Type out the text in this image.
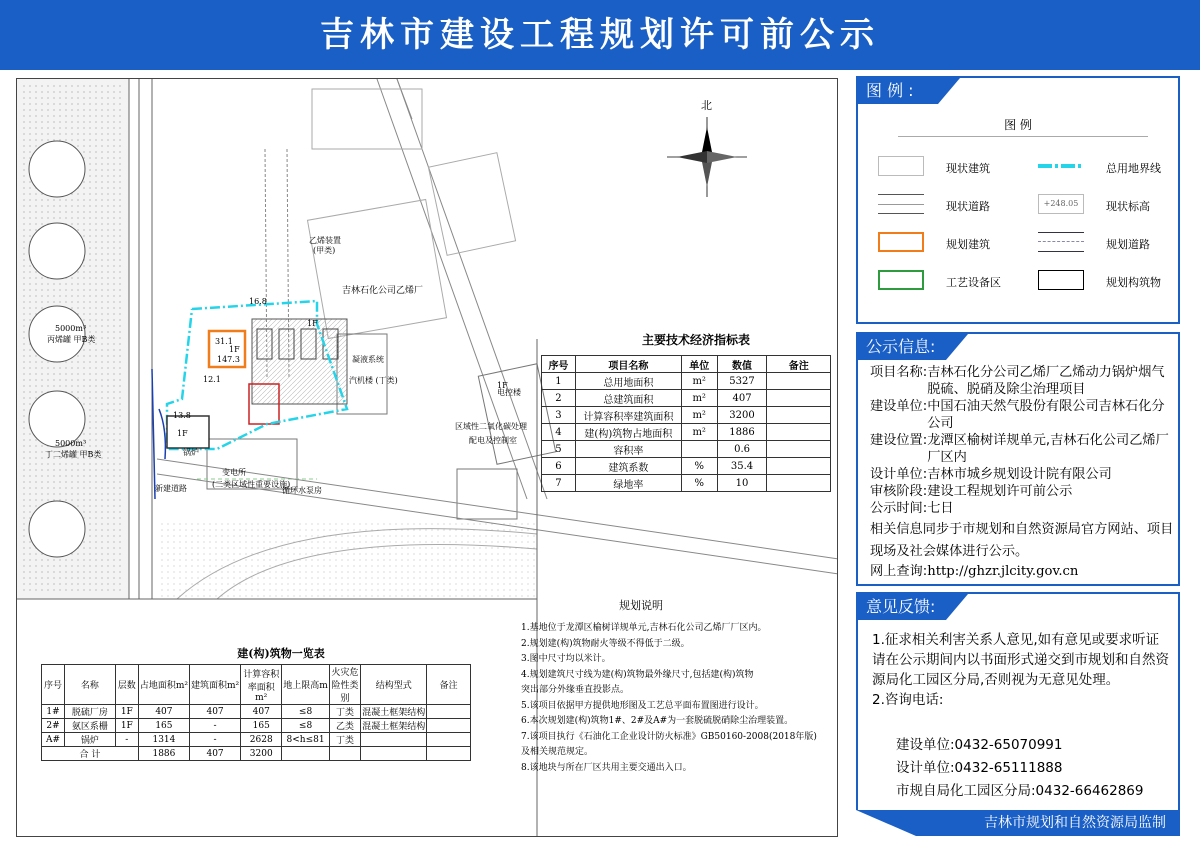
吉林市建设工程规划许可前公示
北
吉林石化公司乙烯厂
乙烯装置
(甲类)
5000m³
丙烯罐 甲B类
5000m³
丁二烯罐 甲B类
凝液系统
汽机楼 (丁类)
电控楼
区域性二氧化碳处理
配电及控制室
1F
变电所
(二类区域性重要设施)
循环水泵房
新建道路
31.1
147.3
13.8
12.1
16.8
1F
1F
1F
锅炉
主要技术经济指标表
序号	项目名称	单位	数值	备注
1	总用地面积	m²	5327	
2	总建筑面积	m²	407	
3	计算容积率建筑面积	m²	3200	
4	建(构)筑物占地面积	m²	1886	
5	容积率		0.6	
6	建筑系数	%	35.4	
7	绿地率	%	10	
建(构)筑物一览表
序号	名称	层数	占地面积m²	建筑面积m²	计算容积率面积m²	地上限高m	火灾危险性类别	结构型式	备注
1#	脱硫厂房	1F	407	407	407	≤8	丁类	混凝土框架结构	
2#	氨区系栅	1F	165	-	165	≤8	乙类	混凝土框架结构	
A#	锅炉	-	1314	-	2628	8<h≤81	丁类		
合 计			1886	407	3200				
规划说明
1.基地位于龙潭区榆树详规单元,吉林石化公司乙烯厂厂区内。
2.规划建(构)筑物耐火等级不得低于二级。
3.图中尺寸均以米计。
4.规划建筑尺寸线为建(构)筑物最外缘尺寸,包括建(构)筑物
突出部分外缘垂直投影点。
5.该项目依据甲方提供地形图及工艺总平面布置图进行设计。
6.本次规划建(构)筑物1#、2#及A#为一套脱硫脱硝除尘治理装置。
7.该项目执行《石油化工企业设计防火标准》GB50160-2008(2018年版)
及相关规范规定。
8.该地块与所在厂区共用主要交通出入口。
图 例 :
图 例
现状建筑	总用地界线
现状道路	+248.05	现状标高
规划建筑	规划道路
工艺设备区	规划构筑物
公示信息:
项目名称: 吉林石化分公司乙烯厂乙烯动力锅炉烟气脱硫、脱硝及除尘治理项目
建设单位: 中国石油天然气股份有限公司吉林石化分公司
建设位置: 龙潭区榆树详规单元,吉林石化公司乙烯厂厂区内
设计单位: 吉林市城乡规划设计院有限公司
审核阶段: 建设工程规划许可前公示
公示时间: 七日
相关信息同步于市规划和自然资源局官方网站、项目现场及社会媒体进行公示。
网上查询: http://ghzr.jlcity.gov.cn
意见反馈:
1.征求相关利害关系人意见,如有意见或要求听证请在公示期间内以书面形式递交到市规划和自然资源局化工园区分局,否则视为无意见处理。
2.咨询电话:
建设单位:0432-65070991
设计单位:0432-65111888
市规自局化工园区分局:0432-66462869
吉林市规划和自然资源局监制
